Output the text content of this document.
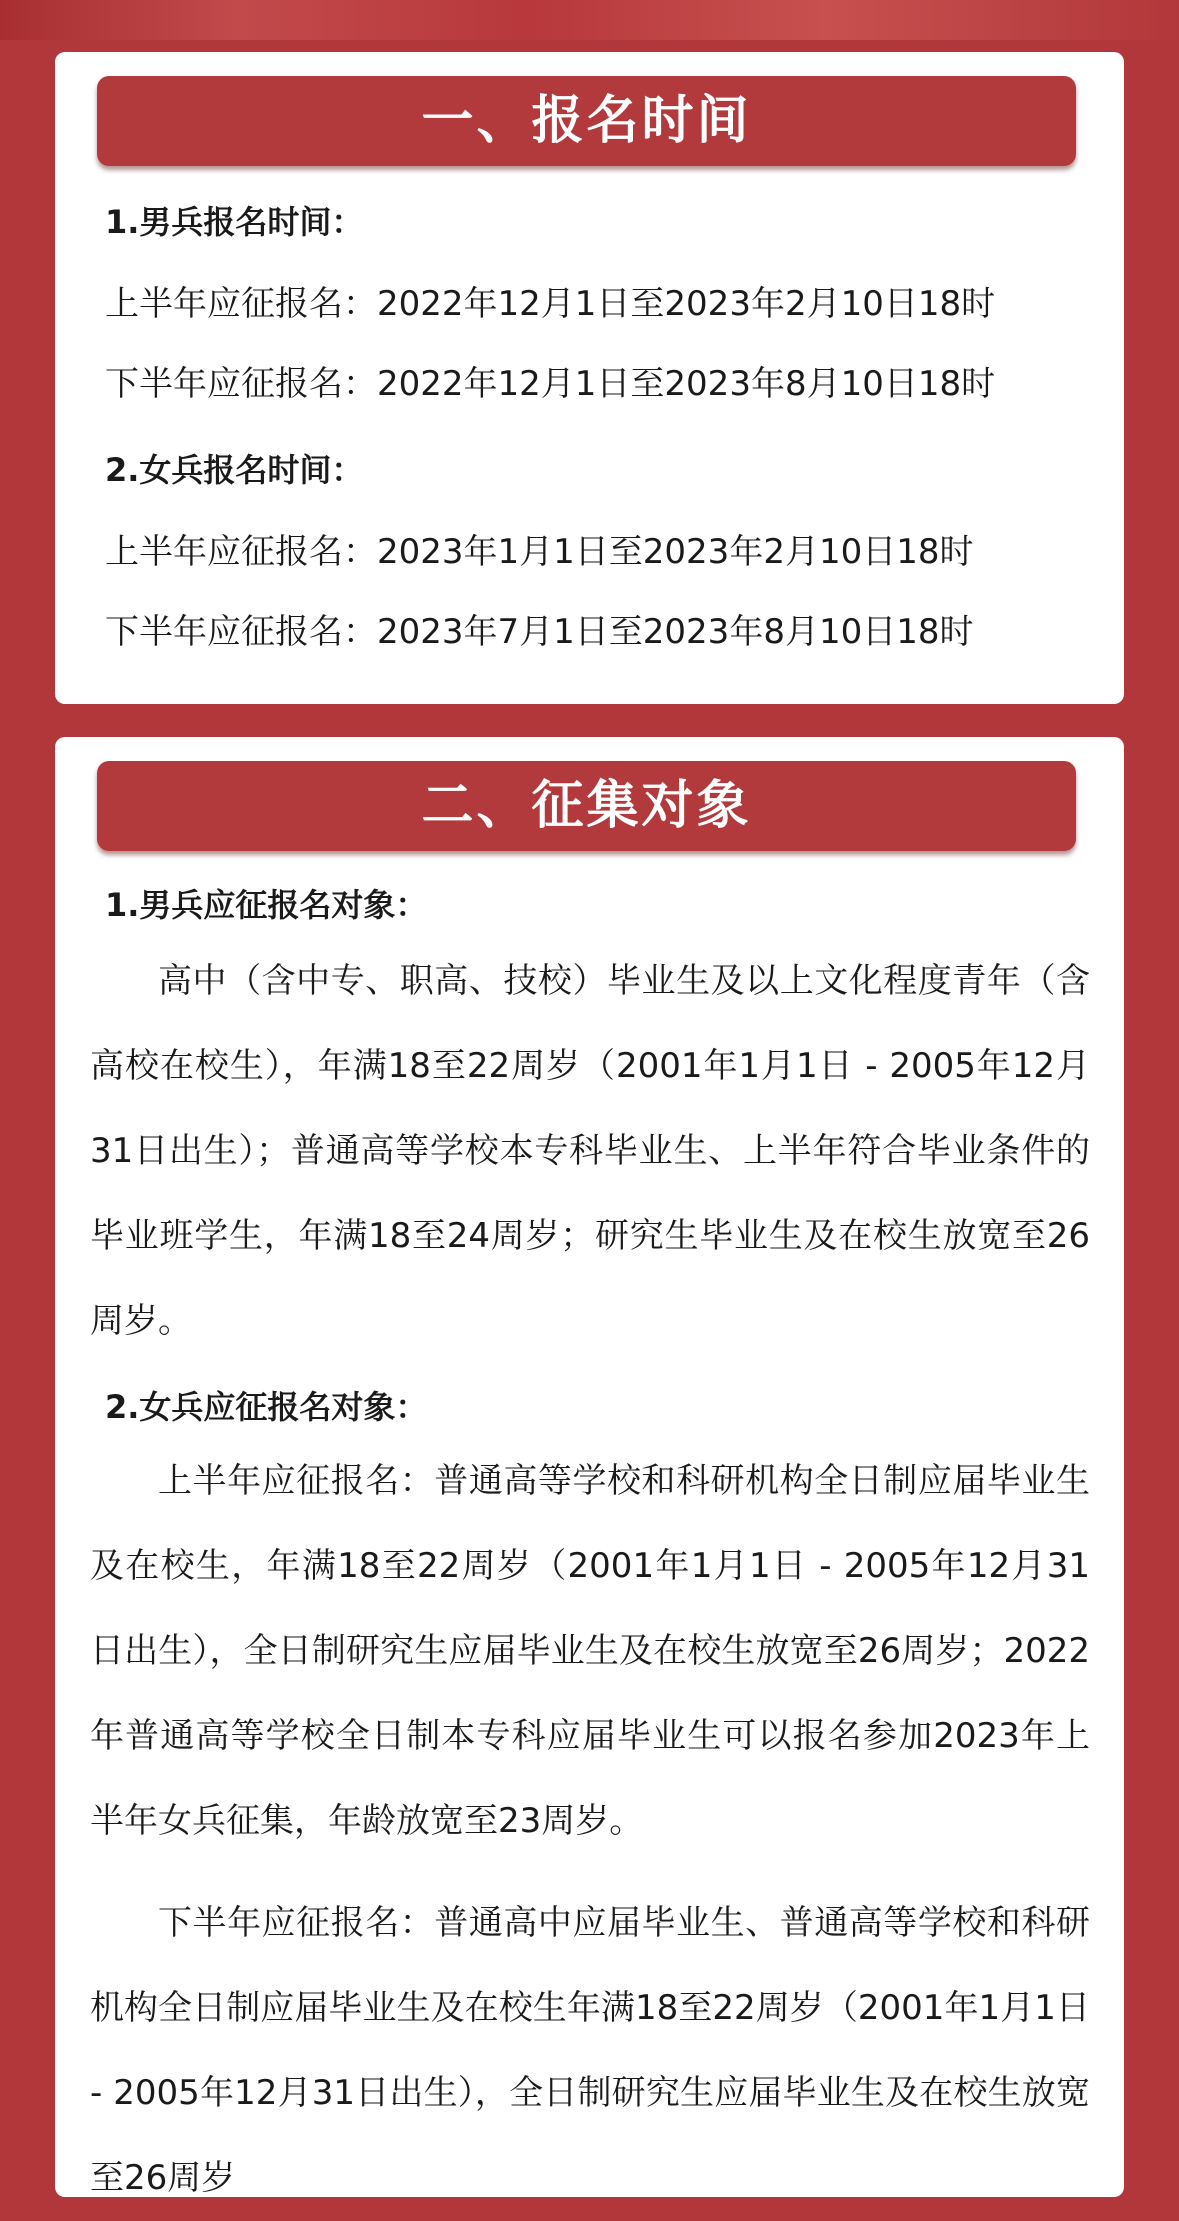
一、报名时间

1.男兵报名时间：

上半年应征报名：2022年12月1日至2023年2月10日18时

下半年应征报名：2022年12月1日至2023年8月10日18时

2.女兵报名时间：

上半年应征报名：2023年1月1日至2023年2月10日18时

下半年应征报名：2023年7月1日至2023年8月10日18时

二、征集对象

1.男兵应征报名对象：

高中（含中专、职高、技校）毕业生及以上文化程度青年（含高校在校生），年满18至22周岁（2001年1月1日 - 2005年12月31日出生）；普通高等学校本专科毕业生、上半年符合毕业条件的毕业班学生，年满18至24周岁；研究生毕业生及在校生放宽至26周岁。

2.女兵应征报名对象：

上半年应征报名：普通高等学校和科研机构全日制应届毕业生及在校生，年满18至22周岁（2001年1月1日 - 2005年12月31日出生），全日制研究生应届毕业生及在校生放宽至26周岁；2022年普通高等学校全日制本专科应届毕业生可以报名参加2023年上半年女兵征集，年龄放宽至23周岁。

下半年应征报名：普通高中应届毕业生、普通高等学校和科研机构全日制应届毕业生及在校生年满18至22周岁（2001年1月1日 - 2005年12月31日出生），全日制研究生应届毕业生及在校生放宽至26周岁
